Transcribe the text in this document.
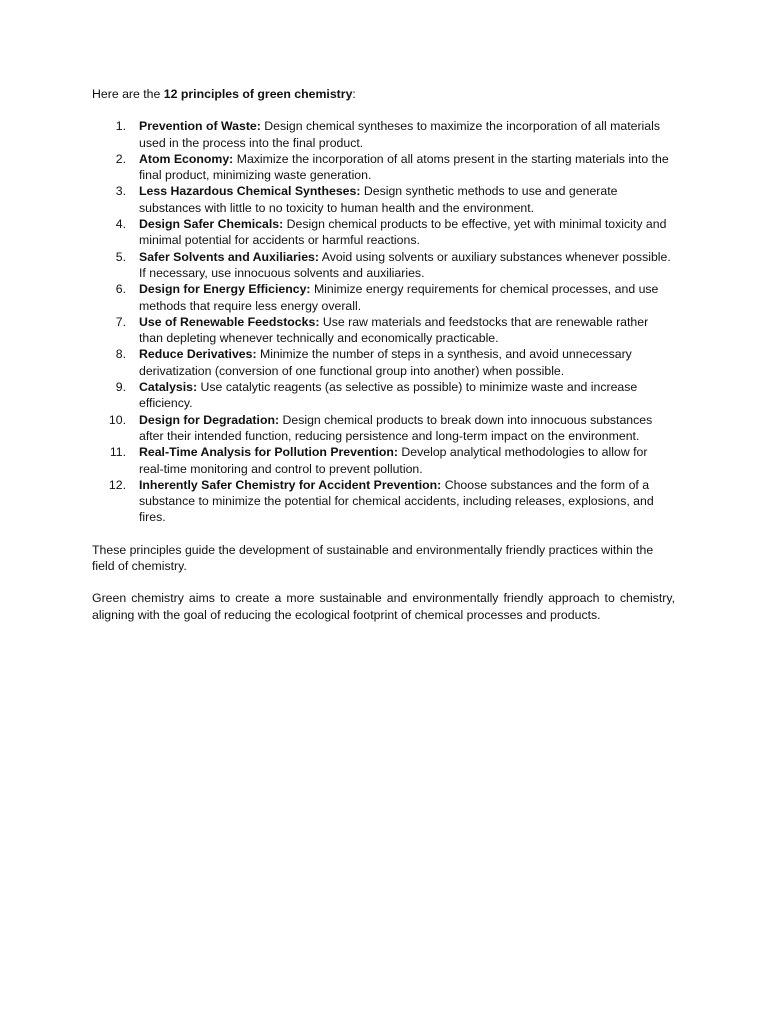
Here are the 12 principles of green chemistry:

1. Prevention of Waste: Design chemical syntheses to maximize the incorporation of all materials used in the process into the final product.
2. Atom Economy: Maximize the incorporation of all atoms present in the starting materials into the final product, minimizing waste generation.
3. Less Hazardous Chemical Syntheses: Design synthetic methods to use and generate substances with little to no toxicity to human health and the environment.
4. Design Safer Chemicals: Design chemical products to be effective, yet with minimal toxicity and minimal potential for accidents or harmful reactions.
5. Safer Solvents and Auxiliaries: Avoid using solvents or auxiliary substances whenever possible. If necessary, use innocuous solvents and auxiliaries.
6. Design for Energy Efficiency: Minimize energy requirements for chemical processes, and use methods that require less energy overall.
7. Use of Renewable Feedstocks: Use raw materials and feedstocks that are renewable rather than depleting whenever technically and economically practicable.
8. Reduce Derivatives: Minimize the number of steps in a synthesis, and avoid unnecessary derivatization (conversion of one functional group into another) when possible.
9. Catalysis: Use catalytic reagents (as selective as possible) to minimize waste and increase efficiency.
10. Design for Degradation: Design chemical products to break down into innocuous substances after their intended function, reducing persistence and long-term impact on the environment.
11. Real-Time Analysis for Pollution Prevention: Develop analytical methodologies to allow for real-time monitoring and control to prevent pollution.
12. Inherently Safer Chemistry for Accident Prevention: Choose substances and the form of a substance to minimize the potential for chemical accidents, including releases, explosions, and fires.

These principles guide the development of sustainable and environmentally friendly practices within the field of chemistry.

Green chemistry aims to create a more sustainable and environmentally friendly approach to chemistry, aligning with the goal of reducing the ecological footprint of chemical processes and products.
